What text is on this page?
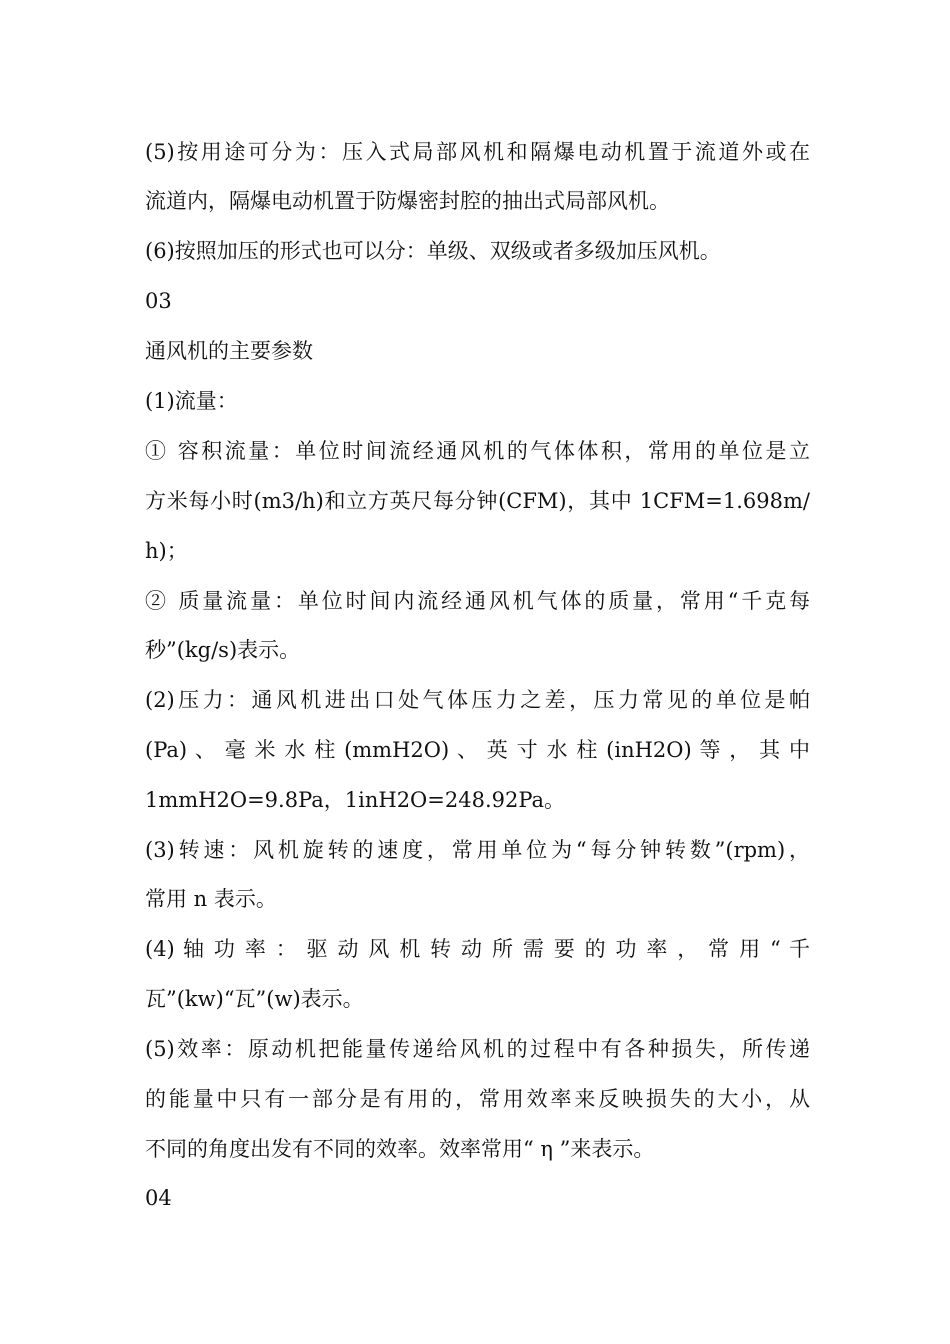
(5)按用途可分为：压入式局部风机和隔爆电动机置于流道外或在
流道内，隔爆电动机置于防爆密封腔的抽出式局部风机。
(6)按照加压的形式也可以分：单级、双级或者多级加压风机。
03
通风机的主要参数
(1)流量：
① 容积流量：单位时间流经通风机的气体体积，常用的单位是立
方米每小时(m3/h)和立方英尺每分钟(CFM)，其中 1CFM=1.698m/
h)；
② 质量流量：单位时间内流经通风机气体的质量，常用“千克每
秒”(kg/s)表示。
(2)压力：通风机进出口处气体压力之差，压力常见的单位是帕
(Pa) 、 毫 米 水 柱 (mmH2O) 、 英 寸 水 柱 (inH2O) 等 ， 其 中
1mmH2O=9.8Pa，1inH2O=248.92Pa。
(3)转速：风机旋转的速度，常用单位为“每分钟转数”(rpm)，
常用 n 表示。
(4) 轴 功 率 ： 驱 动 风 机 转 动 所 需 要 的 功 率 ， 常 用 “ 千
瓦”(kw)“瓦”(w)表示。
(5)效率：原动机把能量传递给风机的过程中有各种损失，所传递
的能量中只有一部分是有用的，常用效率来反映损失的大小，从
不同的角度出发有不同的效率。效率常用“ η ”来表示。
04
